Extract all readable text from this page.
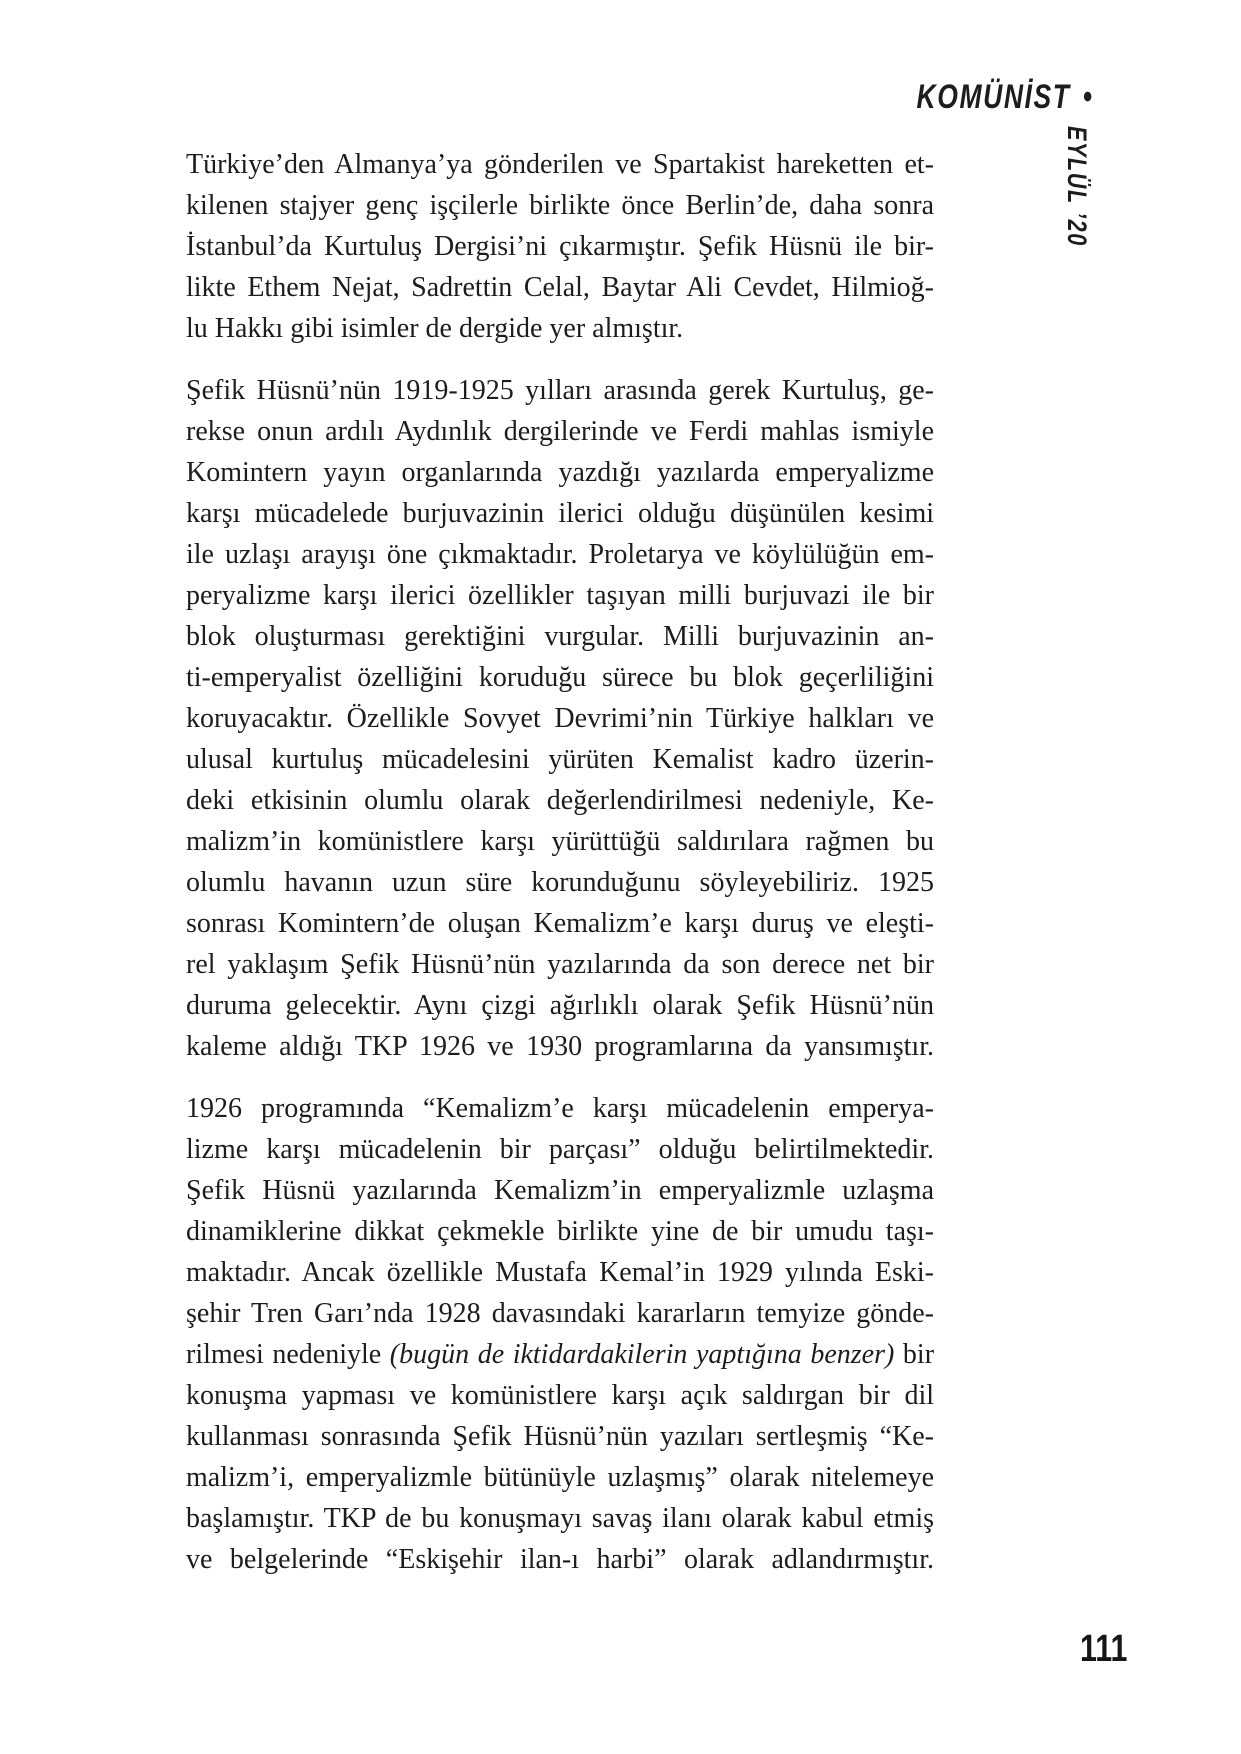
KOMÜNİST •
EYLÜL ’20

Türkiye’den Almanya’ya gönderilen ve Spartakist hareketten et-
kilenen stajyer genç işçilerle birlikte önce Berlin’de, daha sonra
İstanbul’da Kurtuluş Dergisi’ni çıkarmıştır. Şefik Hüsnü ile bir-
likte Ethem Nejat, Sadrettin Celal, Baytar Ali Cevdet, Hilmioğ-
lu Hakkı gibi isimler de dergide yer almıştır.

Şefik Hüsnü’nün 1919-1925 yılları arasında gerek Kurtuluş, ge-
rekse onun ardılı Aydınlık dergilerinde ve Ferdi mahlas ismiyle
Komintern yayın organlarında yazdığı yazılarda emperyalizme
karşı mücadelede burjuvazinin ilerici olduğu düşünülen kesimi
ile uzlaşı arayışı öne çıkmaktadır. Proletarya ve köylülüğün em-
peryalizme karşı ilerici özellikler taşıyan milli burjuvazi ile bir
blok oluşturması gerektiğini vurgular. Milli burjuvazinin an-
ti-emperyalist özelliğini koruduğu sürece bu blok geçerliliğini
koruyacaktır. Özellikle Sovyet Devrimi’nin Türkiye halkları ve
ulusal kurtuluş mücadelesini yürüten Kemalist kadro üzerin-
deki etkisinin olumlu olarak değerlendirilmesi nedeniyle, Ke-
malizm’in komünistlere karşı yürüttüğü saldırılara rağmen bu
olumlu havanın uzun süre korunduğunu söyleyebiliriz. 1925
sonrası Komintern’de oluşan Kemalizm’e karşı duruş ve eleşti-
rel yaklaşım Şefik Hüsnü’nün yazılarında da son derece net bir
duruma gelecektir. Aynı çizgi ağırlıklı olarak Şefik Hüsnü’nün
kaleme aldığı TKP 1926 ve 1930 programlarına da yansımıştır.

1926 programında “Kemalizm’e karşı mücadelenin emperya-
lizme karşı mücadelenin bir parçası” olduğu belirtilmektedir.
Şefik Hüsnü yazılarında Kemalizm’in emperyalizmle uzlaşma
dinamiklerine dikkat çekmekle birlikte yine de bir umudu taşı-
maktadır. Ancak özellikle Mustafa Kemal’in 1929 yılında Eski-
şehir Tren Garı’nda 1928 davasındaki kararların temyize gönde-
rilmesi nedeniyle (bugün de iktidardakilerin yaptığına benzer) bir
konuşma yapması ve komünistlere karşı açık saldırgan bir dil
kullanması sonrasında Şefik Hüsnü’nün yazıları sertleşmiş “Ke-
malizm’i, emperyalizmle bütünüyle uzlaşmış” olarak nitelemeye
başlamıştır. TKP de bu konuşmayı savaş ilanı olarak kabul etmiş
ve belgelerinde “Eskişehir ilan-ı harbi” olarak adlandırmıştır.

111
